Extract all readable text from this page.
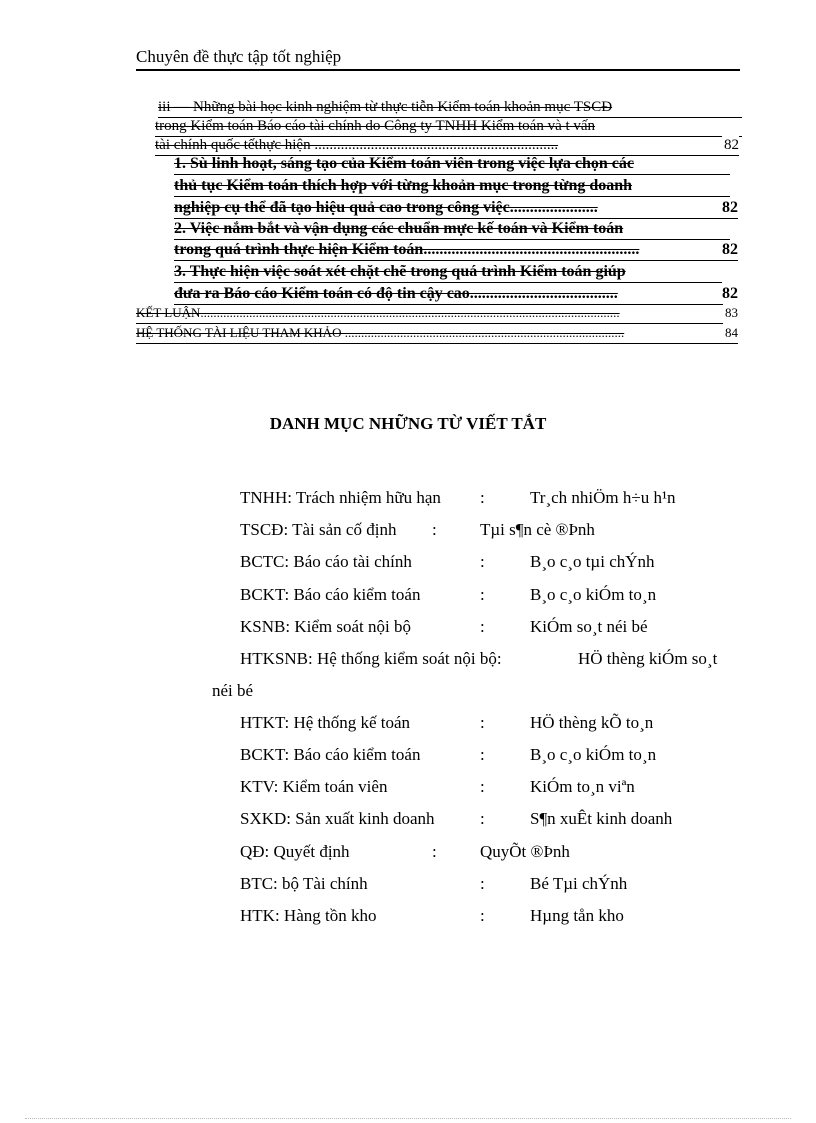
Chuyên đề thực tập tốt nghiệp
iii — Những bài học kinh nghiệm từ thực tiễn Kiểm toán khoản mục TSCĐ
trong Kiểm toán Báo cáo tài chính do Công ty TNHH Kiểm toán và t vấn
tài chính quốc tếthực hiện .................................................................	82
1. Sù linh hoạt, sáng tạo của Kiểm toán viên trong việc lựa chọn các
thủ tục Kiểm toán thích hợp với từng khoản mục trong từng doanh
nghiệp cụ thể đã tạo hiệu quả cao trong công việc......................	82
2. Việc nắm bắt và vận dụng các chuẩn mực kế toán và Kiểm toán
trong quá trình thực hiện Kiểm toán......................................................	82
3. Thực hiện việc soát xét chặt chẽ trong quá trình Kiểm toán giúp
đưa ra Báo cáo Kiểm toán có độ tin cậy cao.....................................	82
KẾT LUẬN.................................................................................................................................	83
HỆ THỐNG TÀI LIỆU THAM KHẢO ......................................................................................	84
DANH MỤC NHỮNG TỪ VIẾT TẮT
TNHH: Trách nhiệm hữu hạn :	Tr¸ch nhiÖm h÷u h¹n
TSCĐ: Tài sản cố định :	Tµi s¶n cè ®Þnh
BCTC: Báo cáo tài chính	:	B¸o c¸o tµi chÝnh
BCKT: Báo cáo kiểm toán	:	B¸o c¸o kiÓm to¸n
KSNB: Kiểm soát nội bộ	:	KiÓm so¸t néi bé
HTKSNB: Hệ thống kiểm soát nội bộ:	HÖ thèng kiÓm so¸t
néi bé
HTKT: Hệ thống kế toán	:	HÖ thèng kÕ to¸n
BCKT: Báo cáo kiểm toán	:	B¸o c¸o kiÓm to¸n
KTV: Kiểm toán viên	:	KiÓm to¸n viªn
SXKD: Sản xuất kinh doanh	:	S¶n xuÊt kinh doanh
QĐ: Quyết định	:	QuyÕt ®Þnh
BTC: bộ Tài chính	:	Bé Tµi chÝnh
HTK: Hàng tồn kho	:	Hµng tån kho
